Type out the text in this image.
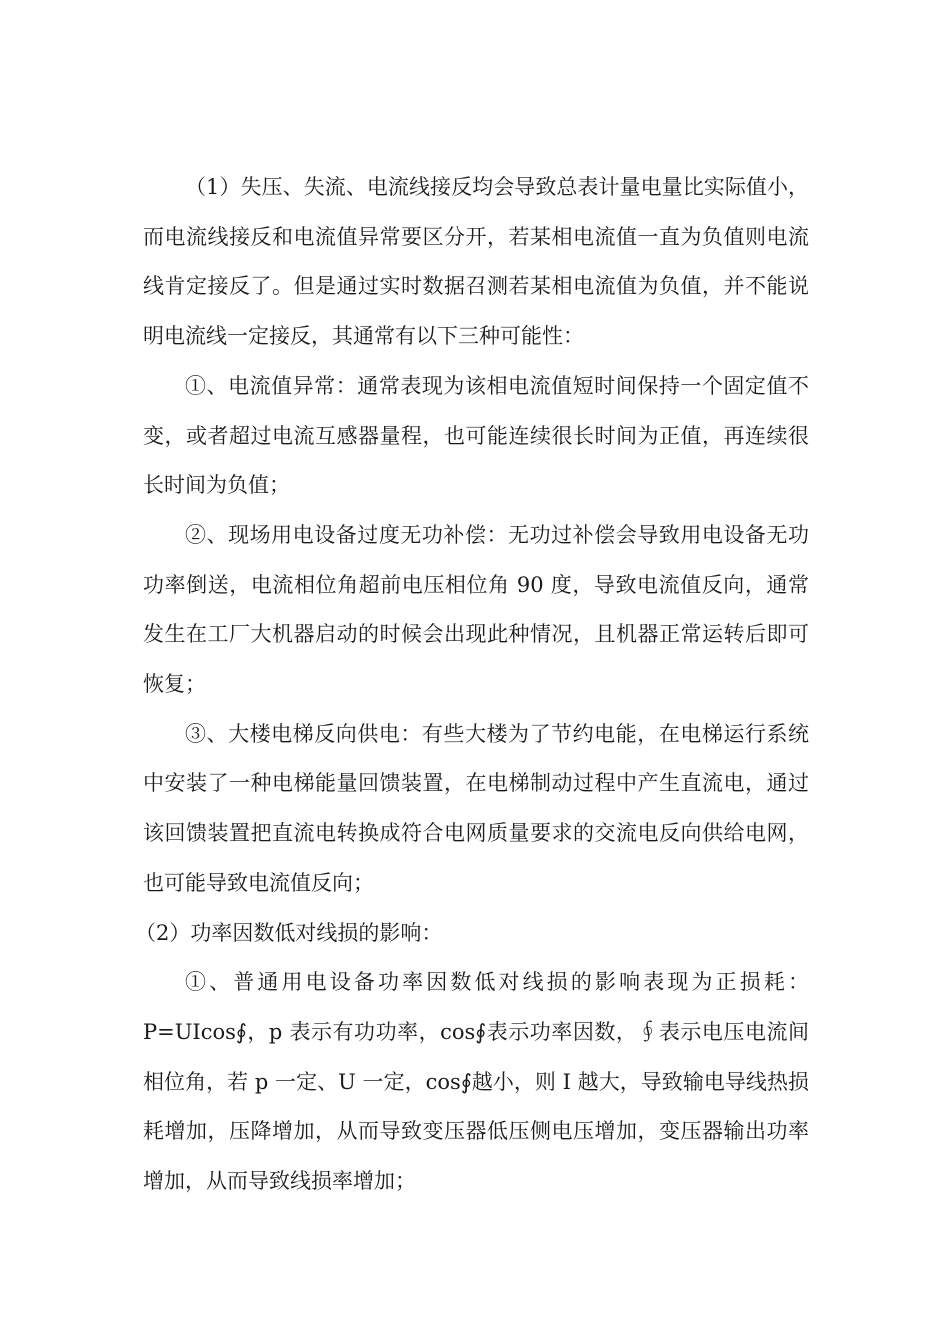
（1）失压、失流、电流线接反均会导致总表计量电量比实际值小，而电流线接反和电流值异常要区分开，若某相电流值一直为负值则电流线肯定接反了。但是通过实时数据召测若某相电流值为负值，并不能说明电流线一定接反，其通常有以下三种可能性：

①、电流值异常：通常表现为该相电流值短时间保持一个固定值不变，或者超过电流互感器量程，也可能连续很长时间为正值，再连续很长时间为负值；

②、现场用电设备过度无功补偿：无功过补偿会导致用电设备无功功率倒送，电流相位角超前电压相位角 90 度，导致电流值反向，通常发生在工厂大机器启动的时候会出现此种情况，且机器正常运转后即可恢复；

③、大楼电梯反向供电：有些大楼为了节约电能，在电梯运行系统中安装了一种电梯能量回馈装置，在电梯制动过程中产生直流电，通过该回馈装置把直流电转换成符合电网质量要求的交流电反向供给电网，也可能导致电流值反向；

（2）功率因数低对线损的影响：

①、普通用电设备功率因数低对线损的影响表现为正损耗：P=UIcos∮，p 表示有功功率，cos∮表示功率因数，∮表示电压电流间相位角，若 p 一定、U 一定，cos∮越小，则 I 越大，导致输电导线热损耗增加，压降增加，从而导致变压器低压侧电压增加，变压器输出功率增加，从而导致线损率增加；
